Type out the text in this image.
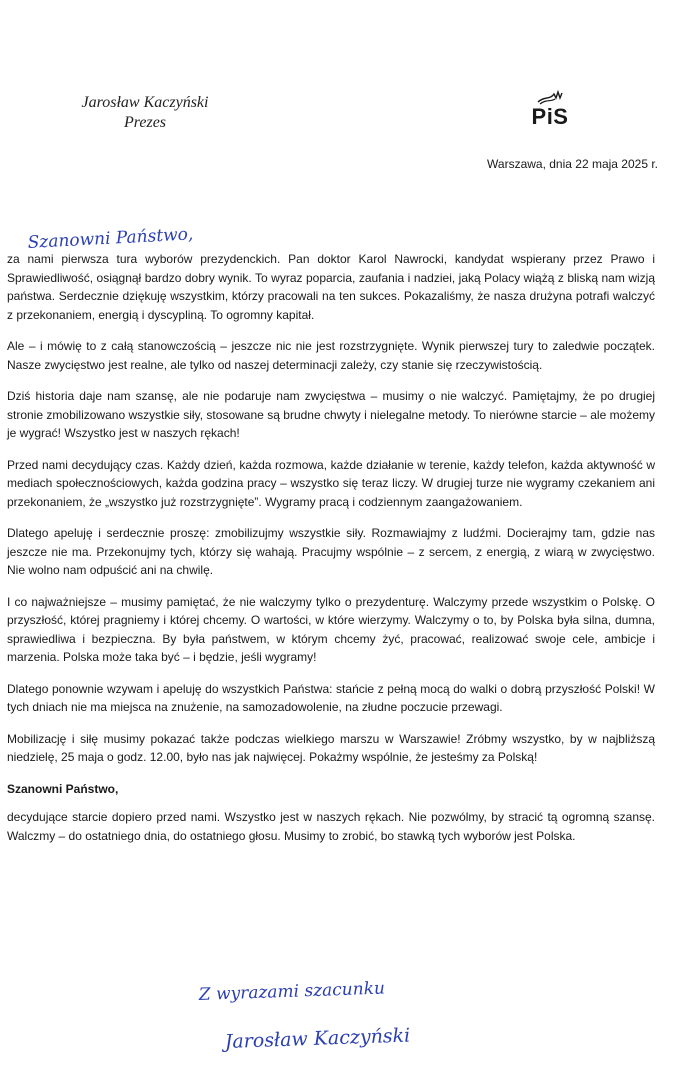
Jarosław Kaczyński
Prezes	PiS
Warszawa, dnia 22 maja 2025 r.
Szanowni Państwo,

za nami pierwsza tura wyborów prezydenckich. Pan doktor Karol Nawrocki, kandydat wspierany przez Prawo i Sprawiedliwość, osiągnął bardzo dobry wynik. To wyraz poparcia, zaufania i nadziei, jaką Polacy wiążą z bliską nam wizją państwa. Serdecznie dziękuję wszystkim, którzy pracowali na ten sukces. Pokazaliśmy, że nasza drużyna potrafi walczyć z przekonaniem, energią i dyscypliną. To ogromny kapitał.

Ale – i mówię to z całą stanowczością – jeszcze nic nie jest rozstrzygnięte. Wynik pierwszej tury to zaledwie początek. Nasze zwycięstwo jest realne, ale tylko od naszej determinacji zależy, czy stanie się rzeczywistością.

Dziś historia daje nam szansę, ale nie podaruje nam zwycięstwa – musimy o nie walczyć. Pamiętajmy, że po drugiej stronie zmobilizowano wszystkie siły, stosowane są brudne chwyty i nielegalne metody. To nierówne starcie – ale możemy je wygrać! Wszystko jest w naszych rękach!

Przed nami decydujący czas. Każdy dzień, każda rozmowa, każde działanie w terenie, każdy telefon, każda aktywność w mediach społecznościowych, każda godzina pracy – wszystko się teraz liczy. W drugiej turze nie wygramy czekaniem ani przekonaniem, że „wszystko już rozstrzygnięte”. Wygramy pracą i codziennym zaangażowaniem.

Dlatego apeluję i serdecznie proszę: zmobilizujmy wszystkie siły. Rozmawiajmy z ludźmi. Docierajmy tam, gdzie nas jeszcze nie ma. Przekonujmy tych, którzy się wahają. Pracujmy wspólnie – z sercem, z energią, z wiarą w zwycięstwo. Nie wolno nam odpuścić ani na chwilę.

I co najważniejsze – musimy pamiętać, że nie walczymy tylko o prezydenturę. Walczymy przede wszystkim o Polskę. O przyszłość, której pragniemy i której chcemy. O wartości, w które wierzymy. Walczymy o to, by Polska była silna, dumna, sprawiedliwa i bezpieczna. By była państwem, w którym chcemy żyć, pracować, realizować swoje cele, ambicje i marzenia. Polska może taka być – i będzie, jeśli wygramy!

Dlatego ponownie wzywam i apeluję do wszystkich Państwa: stańcie z pełną mocą do walki o dobrą przyszłość Polski! W tych dniach nie ma miejsca na znużenie, na samozadowolenie, na złudne poczucie przewagi.

Mobilizację i siłę musimy pokazać także podczas wielkiego marszu w Warszawie! Zróbmy wszystko, by w najbliższą niedzielę, 25 maja o godz. 12.00, było nas jak najwięcej. Pokażmy wspólnie, że jesteśmy za Polską!

Szanowni Państwo,

decydujące starcie dopiero przed nami. Wszystko jest w naszych rękach. Nie pozwólmy, by stracić tą ogromną szansę. Walczmy – do ostatniego dnia, do ostatniego głosu. Musimy to zrobić, bo stawką tych wyborów jest Polska.

Z wyrazami szacunku
Jarosław Kaczyński
